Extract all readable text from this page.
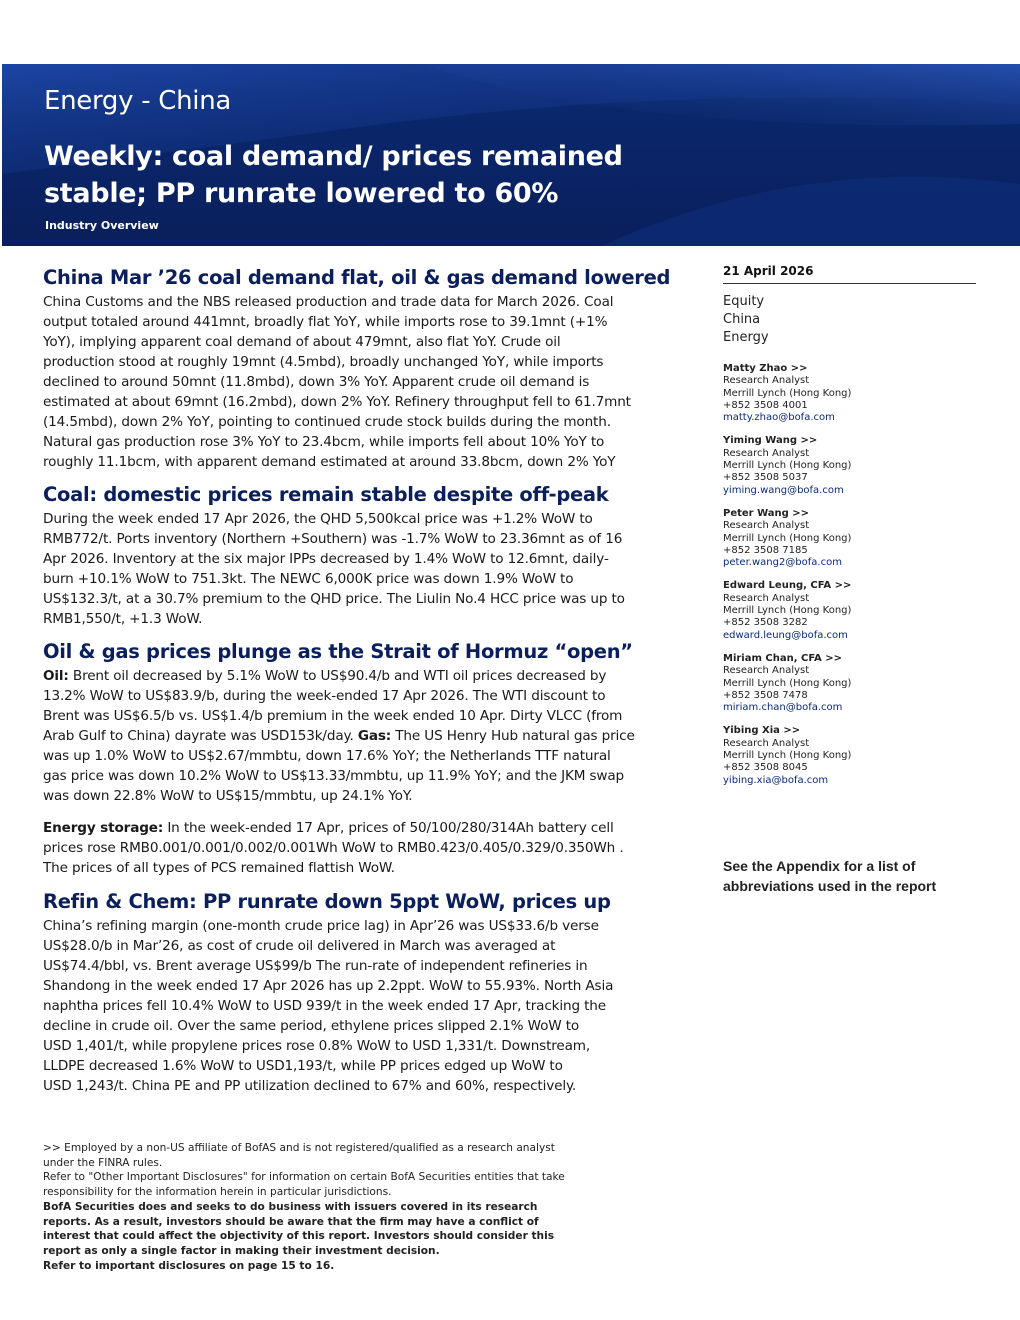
Energy - China
Weekly: coal demand/ prices remained
stable; PP runrate lowered to 60%
Industry Overview
China Mar ’26 coal demand flat, oil & gas demand lowered
China Customs and the NBS released production and trade data for March 2026. Coal
output totaled around 441mnt, broadly flat YoY, while imports rose to 39.1mnt (+1%
YoY), implying apparent coal demand of about 479mnt, also flat YoY. Crude oil
production stood at roughly 19mnt (4.5mbd), broadly unchanged YoY, while imports
declined to around 50mnt (11.8mbd), down 3% YoY. Apparent crude oil demand is
estimated at about 69mnt (16.2mbd), down 2% YoY. Refinery throughput fell to 61.7mnt
(14.5mbd), down 2% YoY, pointing to continued crude stock builds during the month.
Natural gas production rose 3% YoY to 23.4bcm, while imports fell about 10% YoY to
roughly 11.1bcm, with apparent demand estimated at around 33.8bcm, down 2% YoY
Coal: domestic prices remain stable despite off-peak
During the week ended 17 Apr 2026, the QHD 5,500kcal price was +1.2% WoW to
RMB772/t. Ports inventory (Northern +Southern) was -1.7% WoW to 23.36mnt as of 16
Apr 2026. Inventory at the six major IPPs decreased by 1.4% WoW to 12.6mnt, daily-
burn +10.1% WoW to 751.3kt. The NEWC 6,000K price was down 1.9% WoW to
US$132.3/t, at a 30.7% premium to the QHD price. The Liulin No.4 HCC price was up to
RMB1,550/t, +1.3 WoW.
Oil & gas prices plunge as the Strait of Hormuz “open”
Oil: Brent oil decreased by 5.1% WoW to US$90.4/b and WTI oil prices decreased by
13.2% WoW to US$83.9/b, during the week-ended 17 Apr 2026. The WTI discount to
Brent was US$6.5/b vs. US$1.4/b premium in the week ended 10 Apr. Dirty VLCC (from
Arab Gulf to China) dayrate was USD153k/day. Gas: The US Henry Hub natural gas price
was up 1.0% WoW to US$2.67/mmbtu, down 17.6% YoY; the Netherlands TTF natural
gas price was down 10.2% WoW to US$13.33/mmbtu, up 11.9% YoY; and the JKM swap
was down 22.8% WoW to US$15/mmbtu, up 24.1% YoY.
Energy storage: In the week-ended 17 Apr, prices of 50/100/280/314Ah battery cell
prices rose RMB0.001/0.001/0.002/0.001Wh WoW to RMB0.423/0.405/0.329/0.350Wh .
The prices of all types of PCS remained flattish WoW.
Refin & Chem: PP runrate down 5ppt WoW, prices up
China’s refining margin (one-month crude price lag) in Apr’26 was US$33.6/b verse
US$28.0/b in Mar’26, as cost of crude oil delivered in March was averaged at
US$74.4/bbl, vs. Brent average US$99/b The run-rate of independent refineries in
Shandong in the week ended 17 Apr 2026 has up 2.2ppt. WoW to 55.93%. North Asia
naphtha prices fell 10.4% WoW to USD 939/t in the week ended 17 Apr, tracking the
decline in crude oil. Over the same period, ethylene prices slipped 2.1% WoW to
USD 1,401/t, while propylene prices rose 0.8% WoW to USD 1,331/t. Downstream,
LLDPE decreased 1.6% WoW to USD1,193/t, while PP prices edged up WoW to
USD 1,243/t. China PE and PP utilization declined to 67% and 60%, respectively.
21 April 2026
Equity
China
Energy
Matty Zhao >>
Research Analyst
Merrill Lynch (Hong Kong)
+852 3508 4001
matty.zhao@bofa.com
Yiming Wang >>
Research Analyst
Merrill Lynch (Hong Kong)
+852 3508 5037
yiming.wang@bofa.com
Peter Wang >>
Research Analyst
Merrill Lynch (Hong Kong)
+852 3508 7185
peter.wang2@bofa.com
Edward Leung, CFA >>
Research Analyst
Merrill Lynch (Hong Kong)
+852 3508 3282
edward.leung@bofa.com
Miriam Chan, CFA >>
Research Analyst
Merrill Lynch (Hong Kong)
+852 3508 7478
miriam.chan@bofa.com
Yibing Xia >>
Research Analyst
Merrill Lynch (Hong Kong)
+852 3508 8045
yibing.xia@bofa.com
See the Appendix for a list of
abbreviations used in the report
>> Employed by a non-US affiliate of BofAS and is not registered/qualified as a research analyst
under the FINRA rules.
Refer to "Other Important Disclosures" for information on certain BofA Securities entities that take
responsibility for the information herein in particular jurisdictions.
BofA Securities does and seeks to do business with issuers covered in its research
reports. As a result, investors should be aware that the firm may have a conflict of
interest that could affect the objectivity of this report. Investors should consider this
report as only a single factor in making their investment decision.
Refer to important disclosures on page 15 to 16.
